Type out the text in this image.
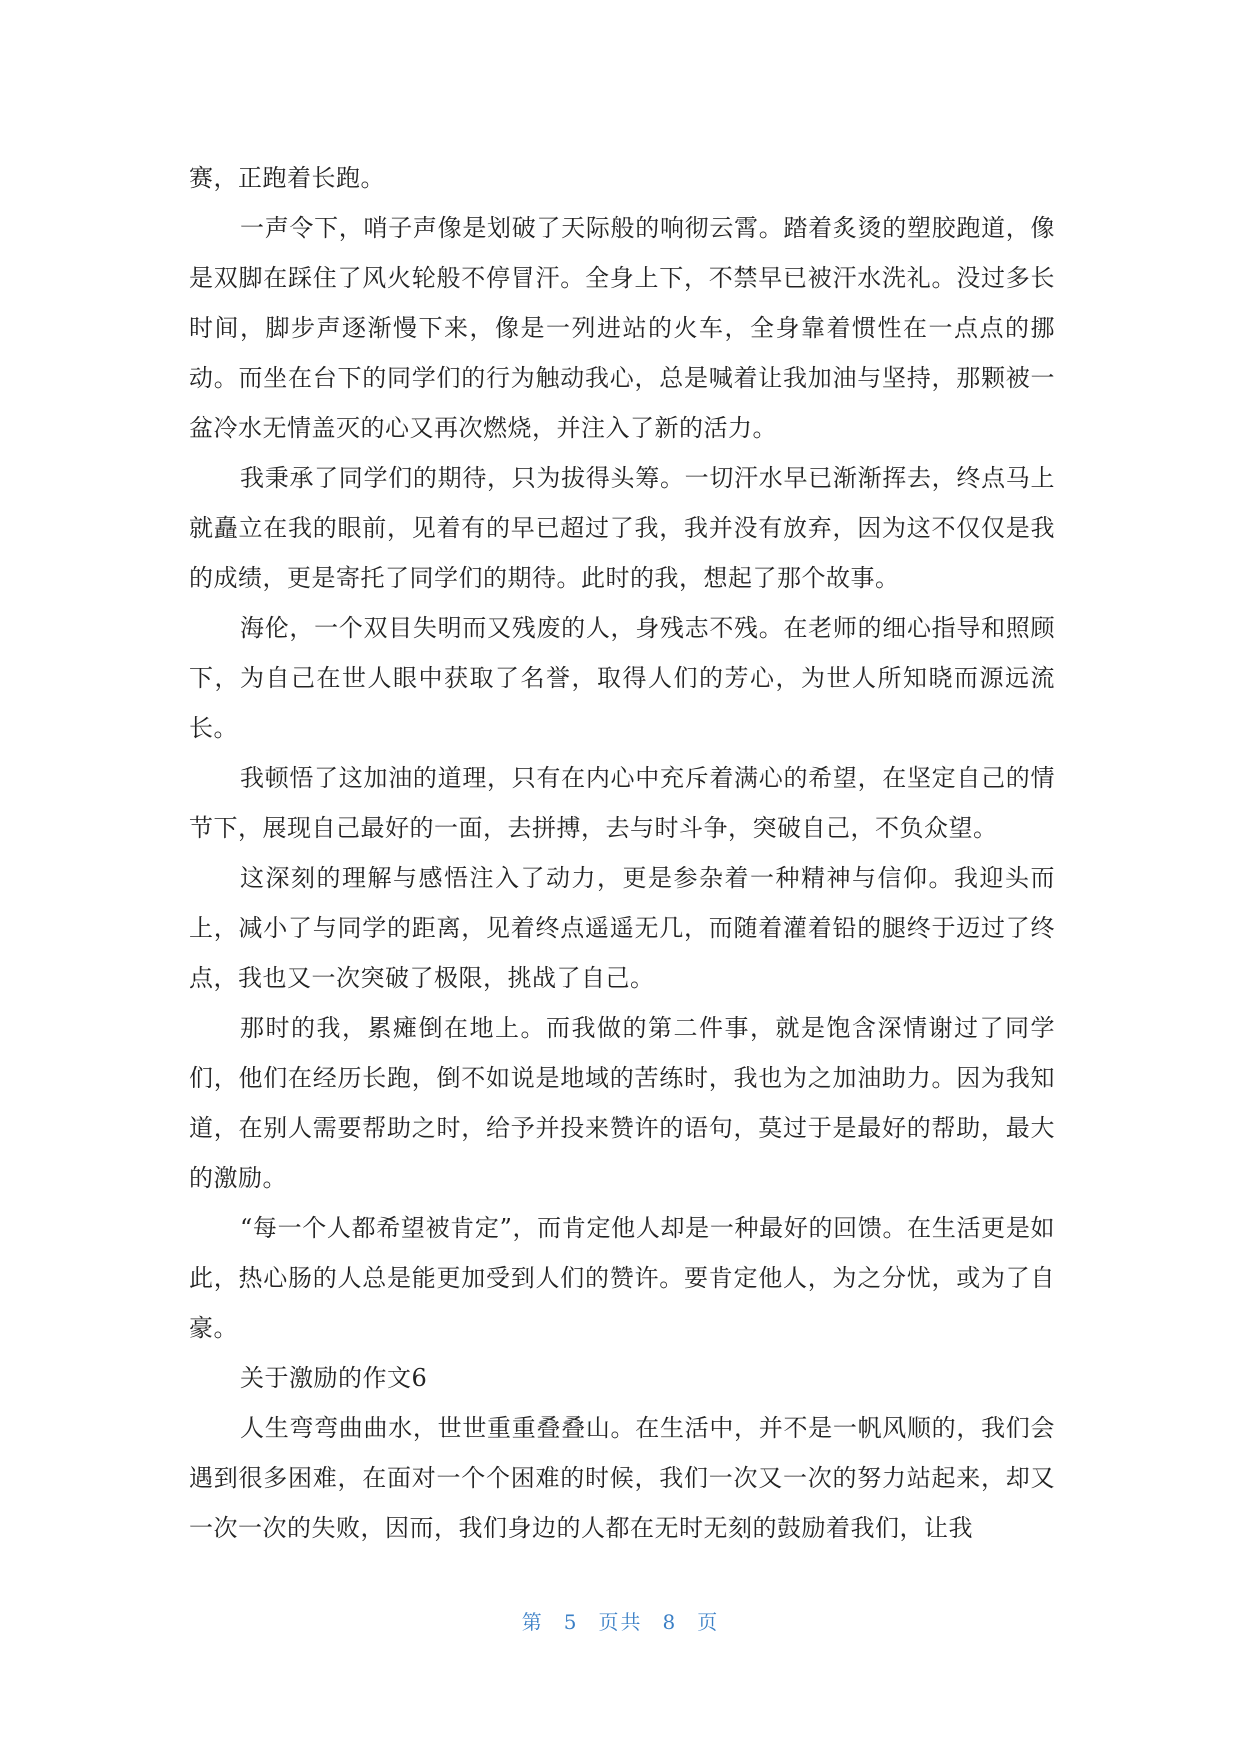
赛，正跑着长跑。

一声令下，哨子声像是划破了天际般的响彻云霄。踏着炙烫的塑胶跑道，像是双脚在踩住了风火轮般不停冒汗。全身上下，不禁早已被汗水洗礼。没过多长时间，脚步声逐渐慢下来，像是一列进站的火车，全身靠着惯性在一点点的挪动。而坐在台下的同学们的行为触动我心，总是喊着让我加油与坚持，那颗被一盆冷水无情盖灭的心又再次燃烧，并注入了新的活力。

我秉承了同学们的期待，只为拔得头筹。一切汗水早已渐渐挥去，终点马上就矗立在我的眼前，见着有的早已超过了我，我并没有放弃，因为这不仅仅是我的成绩，更是寄托了同学们的期待。此时的我，想起了那个故事。

海伦，一个双目失明而又残废的人，身残志不残。在老师的细心指导和照顾下，为自己在世人眼中获取了名誉，取得人们的芳心，为世人所知晓而源远流长。

我顿悟了这加油的道理，只有在内心中充斥着满心的希望，在坚定自己的情节下，展现自己最好的一面，去拼搏，去与时斗争，突破自己，不负众望。

这深刻的理解与感悟注入了动力，更是参杂着一种精神与信仰。我迎头而上，减小了与同学的距离，见着终点遥遥无几，而随着灌着铅的腿终于迈过了终点，我也又一次突破了极限，挑战了自己。

那时的我，累瘫倒在地上。而我做的第二件事，就是饱含深情谢过了同学们，他们在经历长跑，倒不如说是地域的苦练时，我也为之加油助力。因为我知道，在别人需要帮助之时，给予并投来赞许的语句，莫过于是最好的帮助，最大的激励。

“每一个人都希望被肯定”，而肯定他人却是一种最好的回馈。在生活更是如此，热心肠的人总是能更加受到人们的赞许。要肯定他人，为之分忧，或为了自豪。

关于激励的作文6

人生弯弯曲曲水，世世重重叠叠山。在生活中，并不是一帆风顺的，我们会遇到很多困难，在面对一个个困难的时候，我们一次又一次的努力站起来，却又一次一次的失败，因而，我们身边的人都在无时无刻的鼓励着我们，让我

第 5 页共 8 页
